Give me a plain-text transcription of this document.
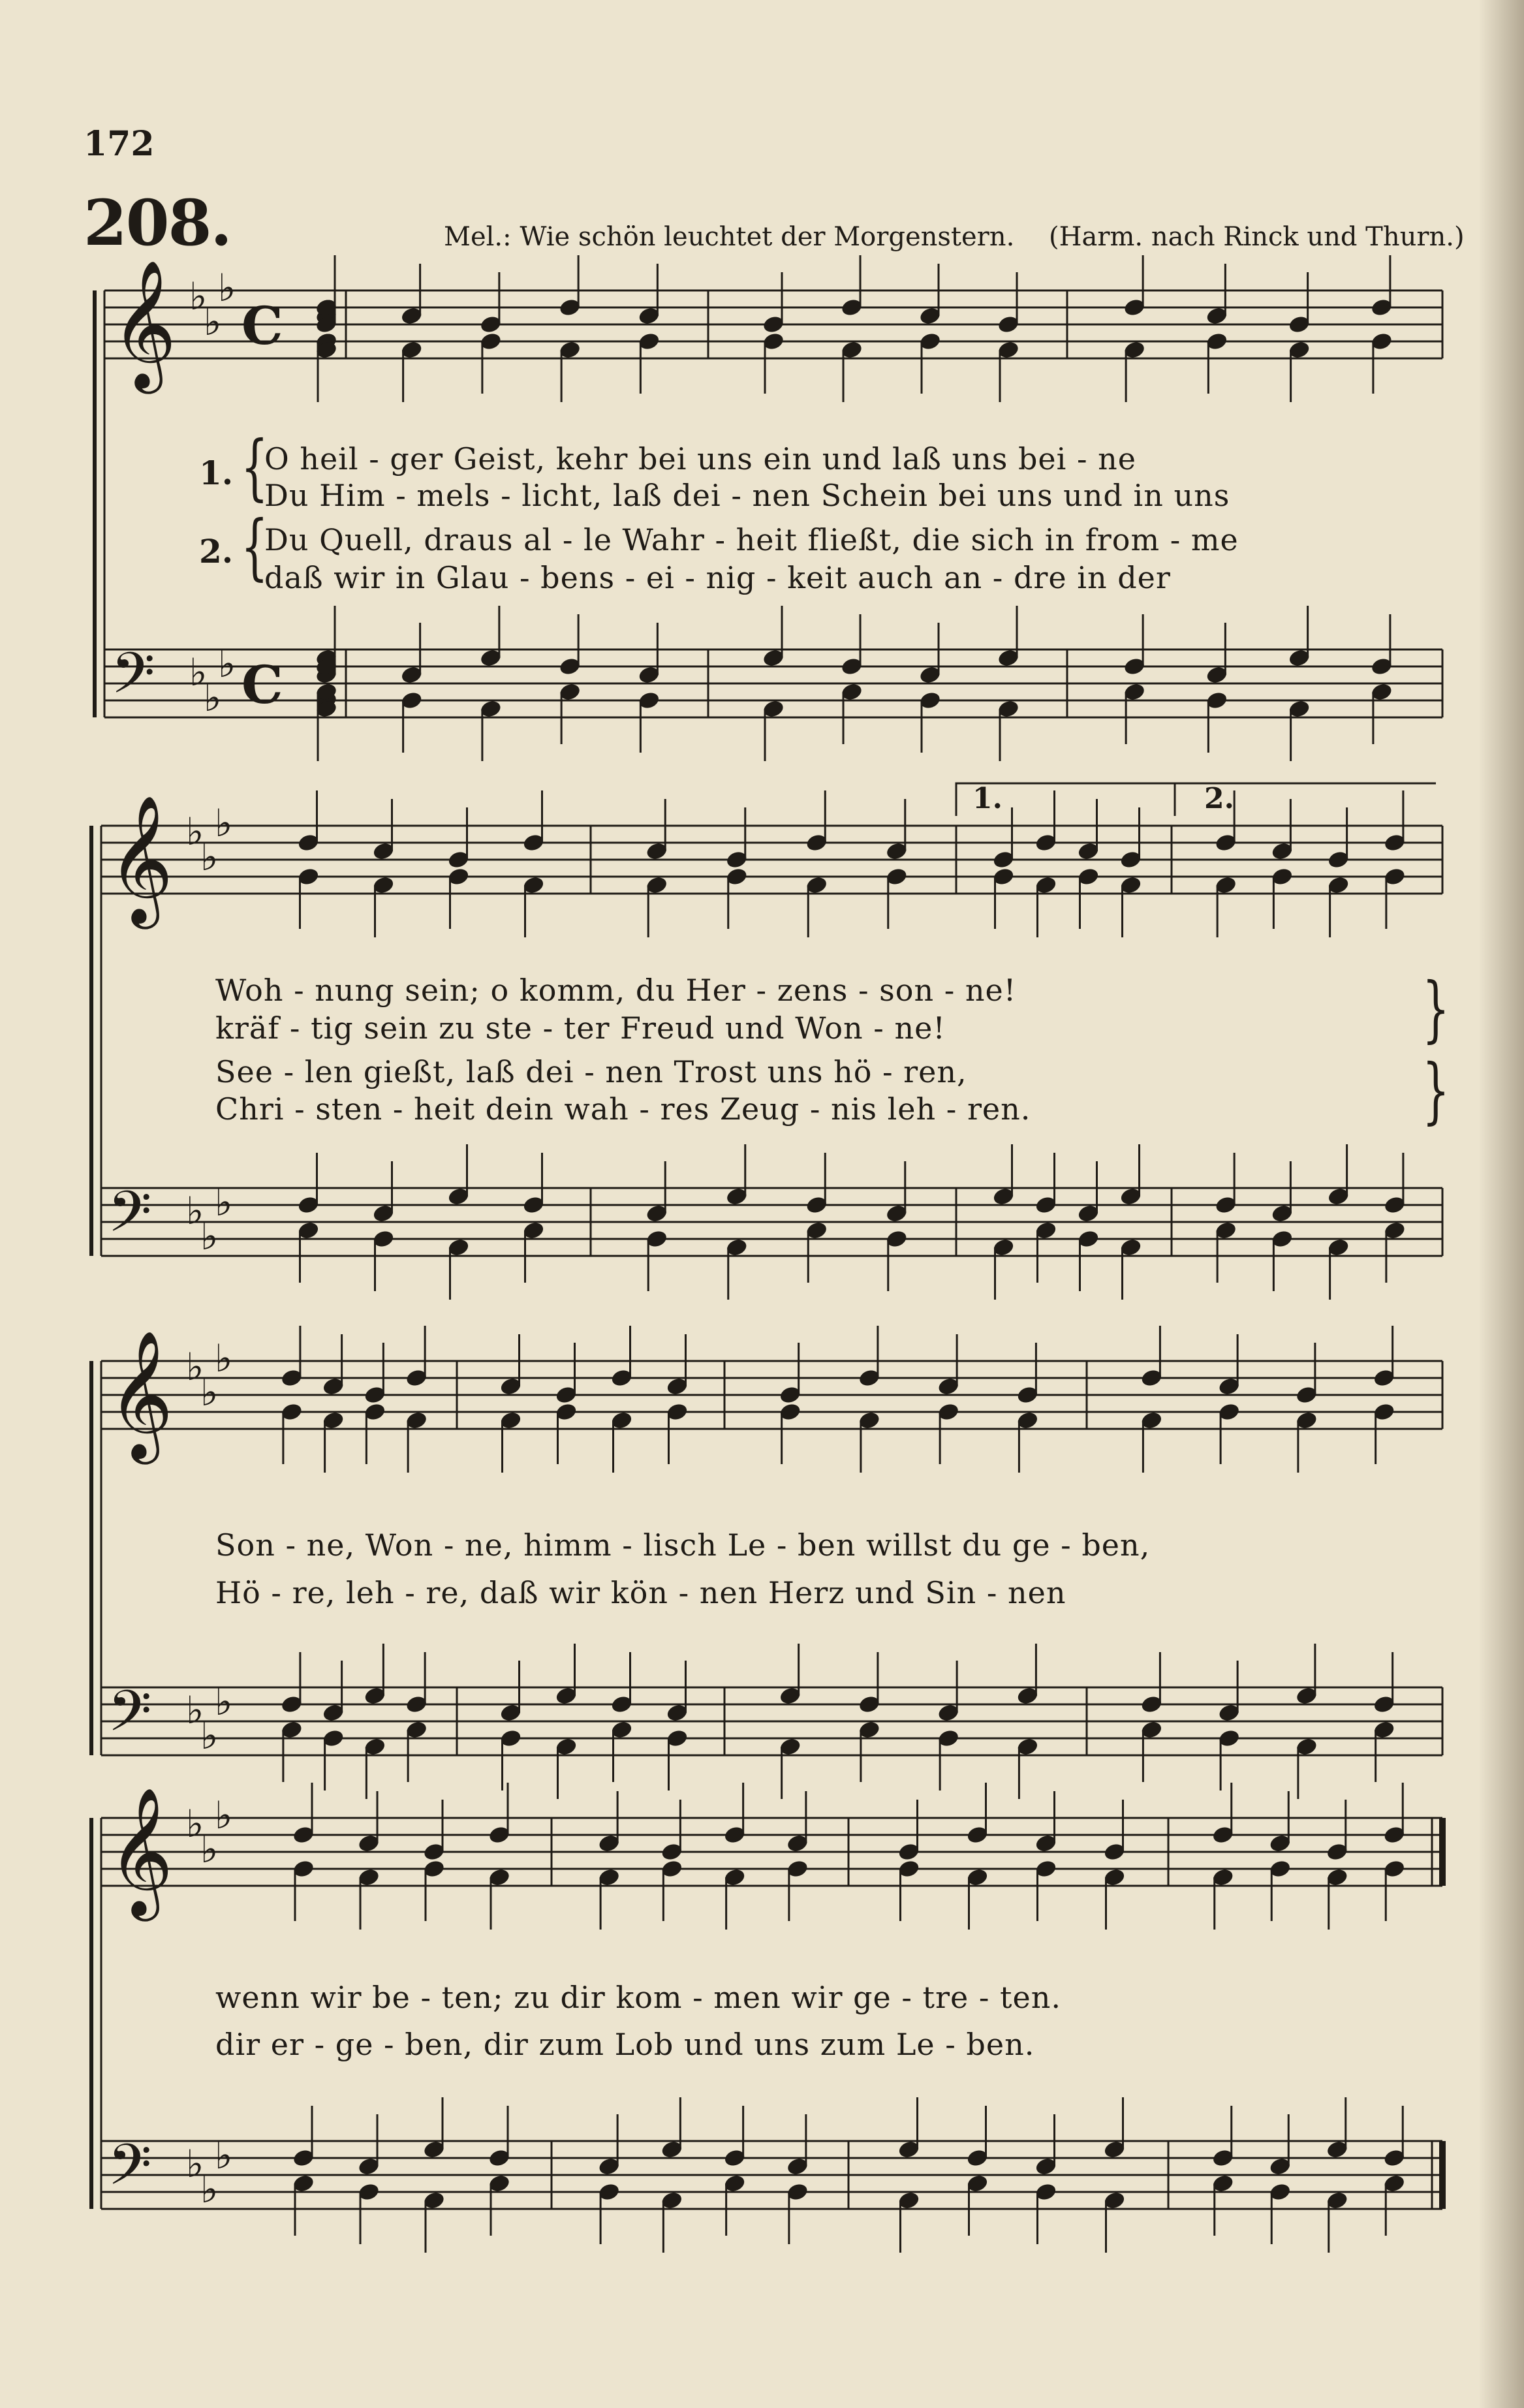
172
208.	Mel.: Wie schön leuchtet der Morgenstern. (Harm. nach Rinck und Thurn.)
𝄞 ♭
♭
♭
C
𝄢 ♭
♭
♭ C
𝄞 ♭
♭
♭
𝄢 ♭
♭
♭
𝄞 ♭
♭
♭
𝄢 ♭
♭
♭
𝄞 ♭
♭
♭
𝄢 ♭
♭
♭
1. {
2. {
O heil - ger Geist, kehr bei uns ein und laß uns bei - ne
Du Him - mels - licht, laß dei - nen Schein bei uns und in uns
Du Quell, draus al - le Wahr - heit fließt, die sich in from - me
daß wir in Glau - bens - ei - nig - keit auch an - dre in der
1.	2.
Woh - nung sein; o komm, du Her - zens - son - ne!
kräf - tig sein zu ste - ter Freud und Won - ne!	}
See - len gießt, laß dei - nen Trost uns hö - ren,
Chri - sten - heit dein wah - res Zeug - nis leh - ren.	}
Son - ne, Won - ne, himm - lisch Le - ben willst du ge - ben,
Hö - re, leh - re, daß wir kön - nen Herz und Sin - nen
wenn wir be - ten; zu dir kom - men wir ge - tre - ten.
dir er - ge - ben, dir zum Lob und uns zum Le - ben.
